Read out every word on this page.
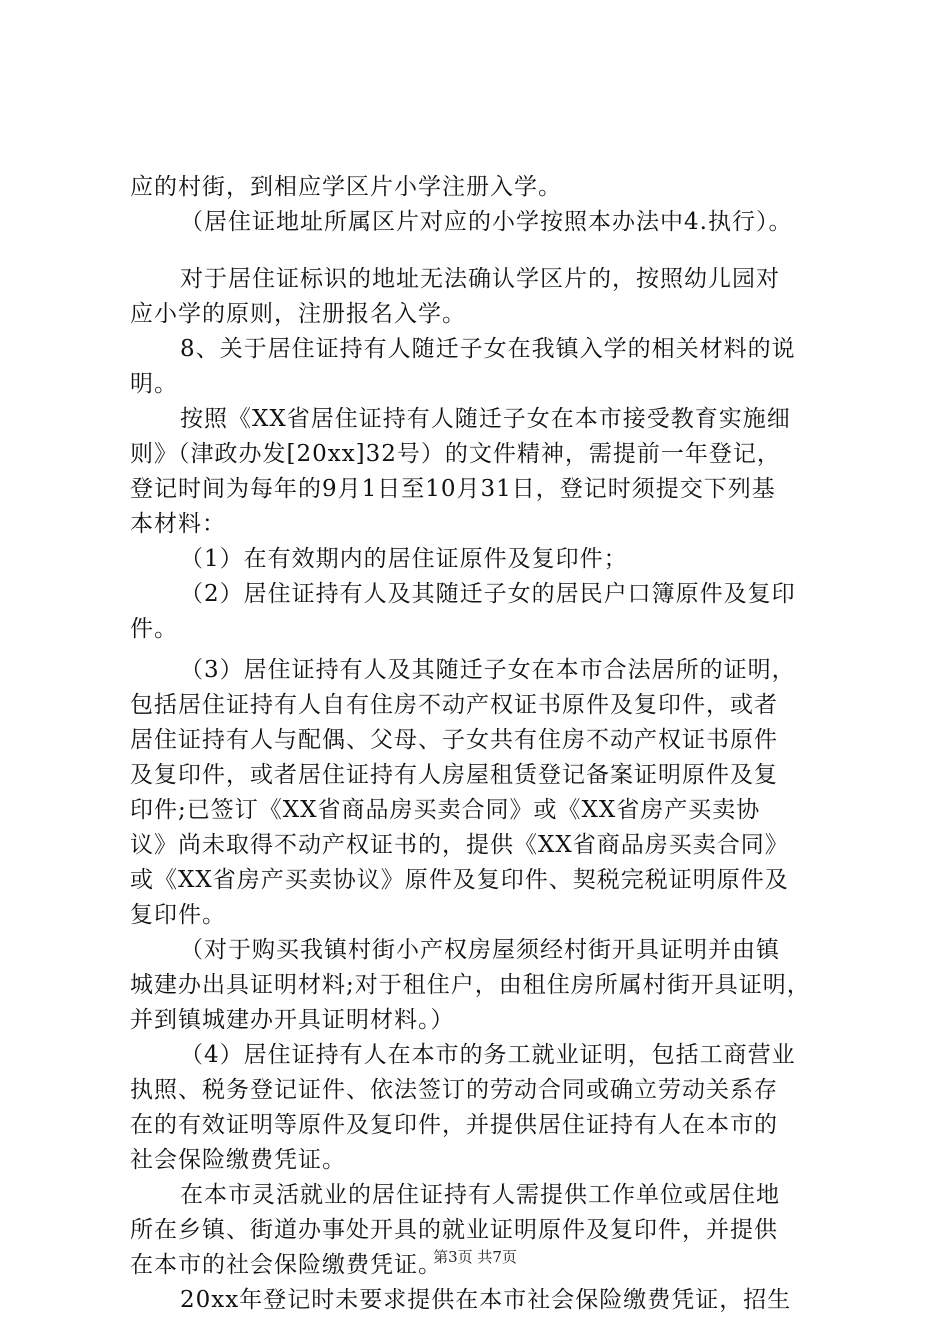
应的村街，到相应学区片小学注册入学。
（居住证地址所属区片对应的小学按照本办法中4.执行）。
对于居住证标识的地址无法确认学区片的，按照幼儿园对
应小学的原则，注册报名入学。
8、关于居住证持有人随迁子女在我镇入学的相关材料的说
明。
按照《XX省居住证持有人随迁子女在本市接受教育实施细
则》（津政办发[20xx]32号）的文件精神，需提前一年登记，
登记时间为每年的9月1日至10月31日，登记时须提交下列基
本材料：
（1）在有效期内的居住证原件及复印件；
（2）居住证持有人及其随迁子女的居民户口簿原件及复印
件。
（3）居住证持有人及其随迁子女在本市合法居所的证明，
包括居住证持有人自有住房不动产权证书原件及复印件，或者
居住证持有人与配偶、父母、子女共有住房不动产权证书原件
及复印件，或者居住证持有人房屋租赁登记备案证明原件及复
印件;已签订《XX省商品房买卖合同》或《XX省房产买卖协
议》尚未取得不动产权证书的，提供《XX省商品房买卖合同》
或《XX省房产买卖协议》原件及复印件、契税完税证明原件及
复印件。
（对于购买我镇村街小产权房屋须经村街开具证明并由镇
城建办出具证明材料;对于租住户，由租住房所属村街开具证明，
并到镇城建办开具证明材料。）
（4）居住证持有人在本市的务工就业证明，包括工商营业
执照、税务登记证件、依法签订的劳动合同或确立劳动关系存
在的有效证明等原件及复印件，并提供居住证持有人在本市的
社会保险缴费凭证。
在本市灵活就业的居住证持有人需提供工作单位或居住地
所在乡镇、街道办事处开具的就业证明原件及复印件，并提供
在本市的社会保险缴费凭证。
20xx年登记时未要求提供在本市社会保险缴费凭证，招生
第3页 共7页
